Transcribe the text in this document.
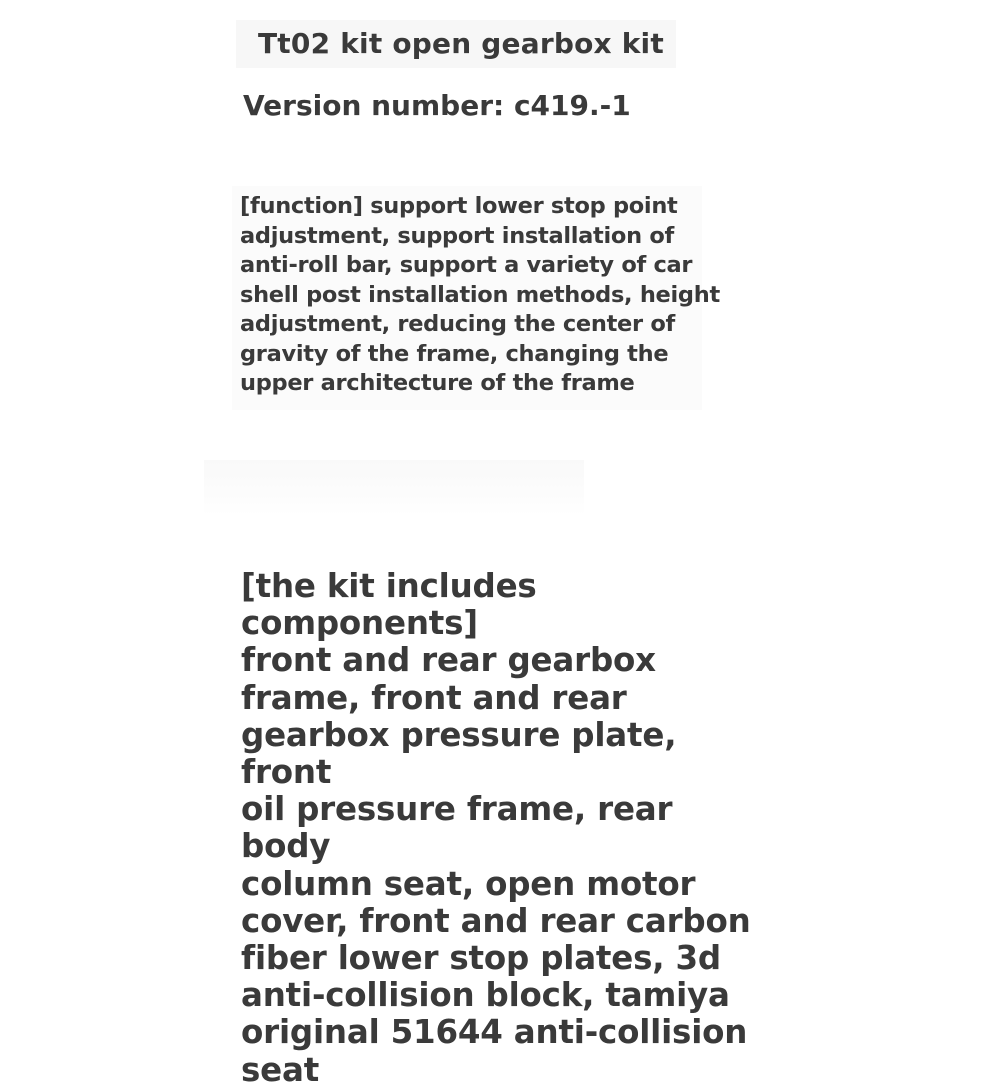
Tt02 kit open gearbox kit
Version number: c419.-1
[function] support lower stop point
adjustment, support installation of
anti-roll bar, support a variety of car
shell post installation methods, height
adjustment, reducing the center of
gravity of the frame, changing the
upper architecture of the frame
[the kit includes components]
front and rear gearbox
frame, front and rear
gearbox pressure plate, front
oil pressure frame, rear body
column seat, open motor
cover, front and rear carbon
fiber lower stop plates, 3d
anti-collision block, tamiya
original 51644 anti-collision
seat
